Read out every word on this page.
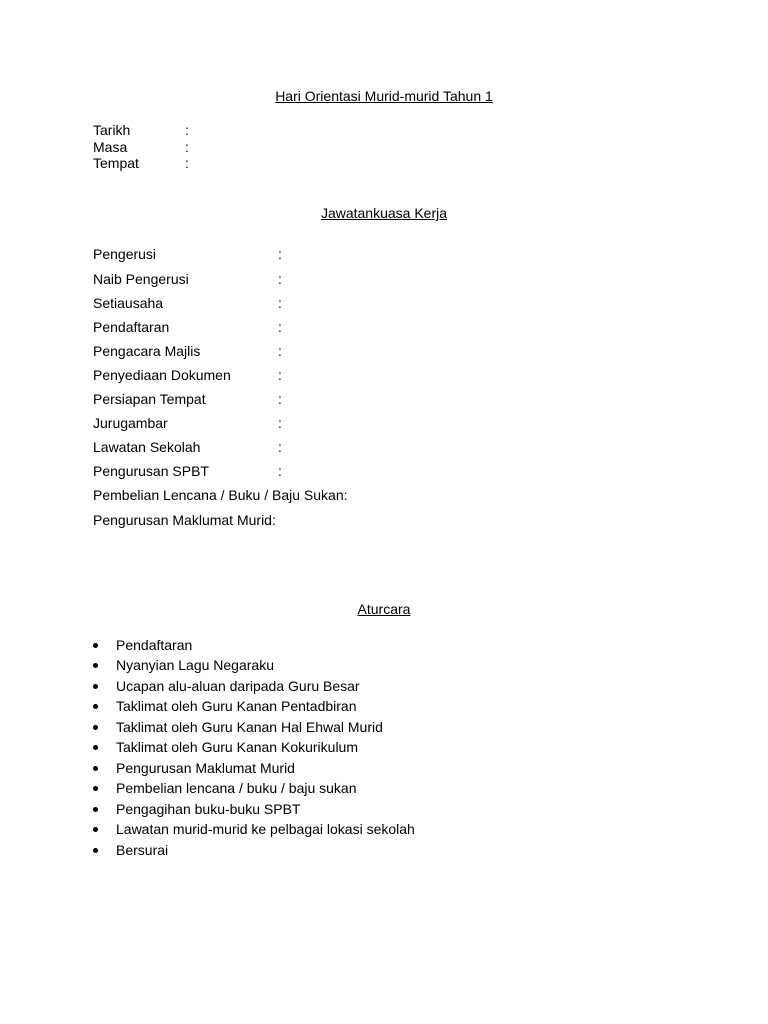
Hari Orientasi Murid-murid Tahun 1
Tarikh	:
Masa	:
Tempat	:
Jawatankuasa Kerja
Pengerusi	:
Naib Pengerusi	:
Setiausaha	:
Pendaftaran	:
Pengacara Majlis	:
Penyediaan Dokumen	:
Persiapan Tempat	:
Jurugambar	:
Lawatan Sekolah	:
Pengurusan SPBT	:
Pembelian Lencana / Buku / Baju Sukan:
Pengurusan Maklumat Murid:
Aturcara
Pendaftaran
Nyanyian Lagu Negaraku
Ucapan alu-aluan daripada Guru Besar
Taklimat oleh Guru Kanan Pentadbiran
Taklimat oleh Guru Kanan Hal Ehwal Murid
Taklimat oleh Guru Kanan Kokurikulum
Pengurusan Maklumat Murid
Pembelian lencana / buku / baju sukan
Pengagihan buku-buku SPBT
Lawatan murid-murid ke pelbagai lokasi sekolah
Bersurai
